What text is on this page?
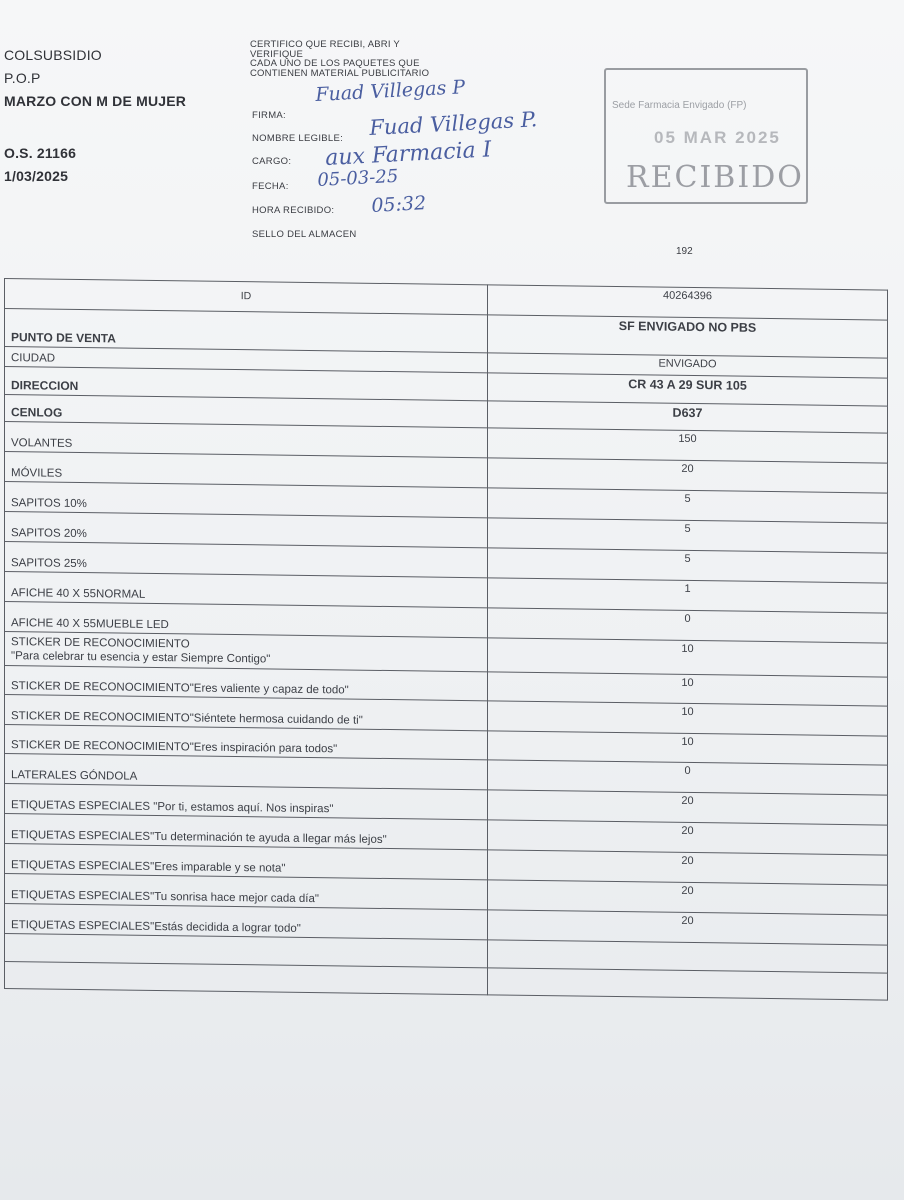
COLSUBSIDIO
P.O.P
MARZO CON M DE MUJER
O.S. 21166
1/03/2025
CERTIFICO QUE RECIBI, ABRI Y
VERIFIQUE
CADA UNO DE LOS PAQUETES QUE
CONTIENEN MATERIAL PUBLICITARIO
FIRMA:
NOMBRE LEGIBLE:
CARGO:
FECHA:
HORA RECIBIDO:
SELLO DEL ALMACEN
Fuad Villegas P
Fuad Villegas P.
aux Farmacia I
05-03-25
05:32
Sede Farmacia Envigado (FP)
05 MAR 2025
RECIBIDO
192
ID	40264396

PUNTO DE VENTA	SF ENVIGADO NO PBS

CIUDAD	ENVIGADO

DIRECCION	CR 43 A 29 SUR 105

CENLOG	D637

VOLANTES	150

MÓVILES	20

SAPITOS 10%	5

SAPITOS 20%	5

SAPITOS 25%	5

AFICHE 40 X 55NORMAL	1

AFICHE 40 X 55MUEBLE LED	0

STICKER DE RECONOCIMIENTO
"Para celebrar tu esencia y estar Siempre Contigo"	10

STICKER DE RECONOCIMIENTO"Eres valiente y capaz de todo"	10

STICKER DE RECONOCIMIENTO"Siéntete hermosa cuidando de ti"	10

STICKER DE RECONOCIMIENTO"Eres inspiración para todos"	10

LATERALES GÓNDOLA	0

ETIQUETAS ESPECIALES "Por ti, estamos aquí. Nos inspiras"	20

ETIQUETAS ESPECIALES"Tu determinación te ayuda a llegar más lejos"	20

ETIQUETAS ESPECIALES"Eres imparable y se nota"	20

ETIQUETAS ESPECIALES"Tu sonrisa hace mejor cada día"	20

ETIQUETAS ESPECIALES"Estás decidida a lograr todo"	20
